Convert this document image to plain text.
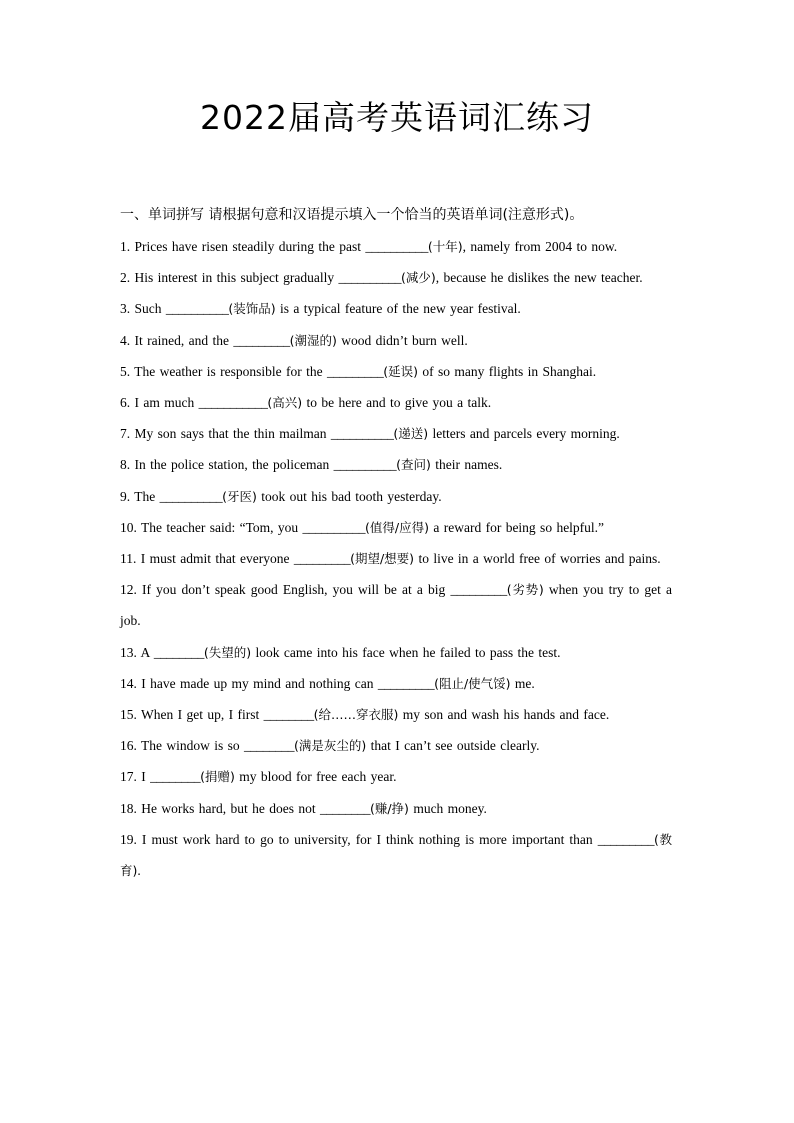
2022届高考英语词汇练习

一、单词拼写 请根据句意和汉语提示填入一个恰当的英语单词(注意形式)。

1. Prices have risen steadily during the past __________(十年), namely from 2004 to now.
2. His interest in this subject gradually __________(减少), because he dislikes the new teacher.
3. Such __________(装饰品) is a typical feature of the new year festival.
4. It rained, and the _________(潮湿的) wood didn’t burn well.
5. The weather is responsible for the _________(延误) of so many flights in Shanghai.
6. I am much ___________(高兴) to be here and to give you a talk.
7. My son says that the thin mailman __________(递送) letters and parcels every morning.
8. In the police station, the policeman __________(查问) their names.
9. The __________(牙医) took out his bad tooth yesterday.
10. The teacher said: “Tom, you __________(值得/应得) a reward for being so helpful.”
11. I must admit that everyone _________(期望/想要) to live in a world free of worries and pains.
12. If you don’t speak good English, you will be at a big _________(劣势) when you try to get a job.
13. A ________(失望的) look came into his face when he failed to pass the test.
14. I have made up my mind and nothing can _________(阻止/使气馁) me.
15. When I get up, I first ________(给……穿衣服) my son and wash his hands and face.
16. The window is so ________(满是灰尘的) that I can’t see outside clearly.
17. I ________(捐赠) my blood for free each year.
18. He works hard, but he does not ________(赚/挣) much money.
19. I must work hard to go to university, for I think nothing is more important than _________(教育).
